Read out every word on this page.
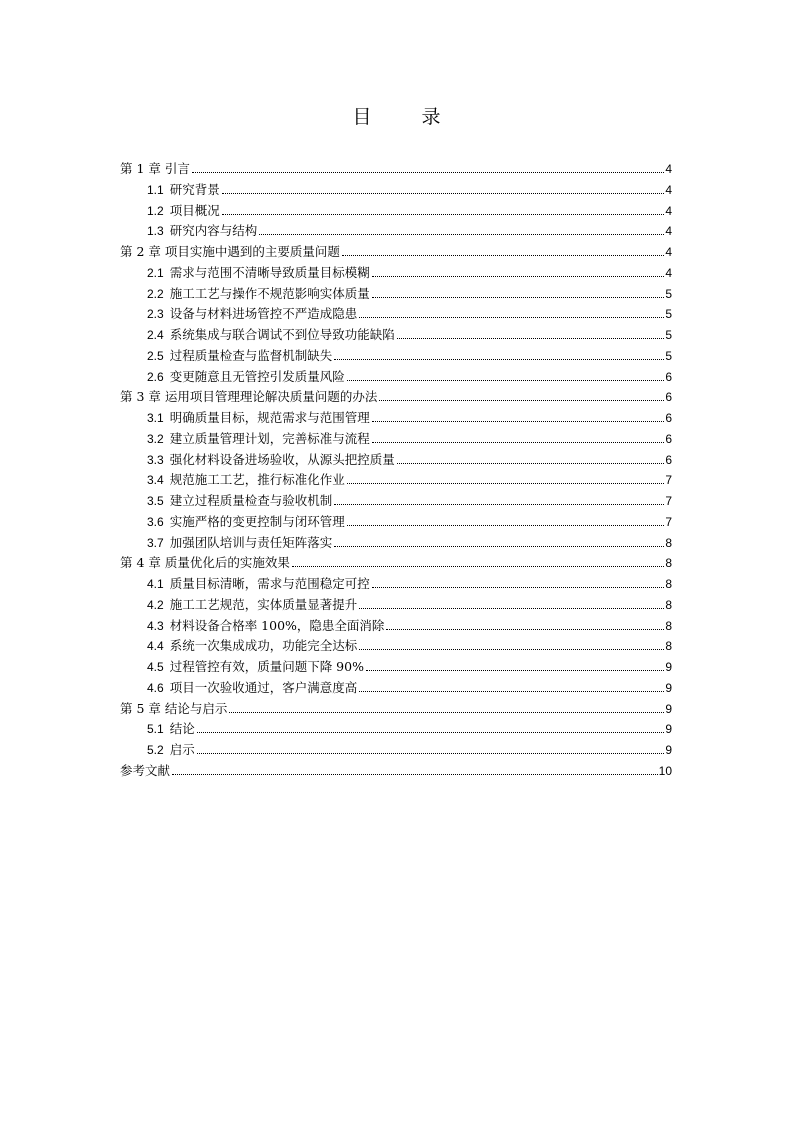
目 录
第 1 章 引言	4
1.1 研究背景	4
1.2 项目概况	4
1.3 研究内容与结构	4
第 2 章 项目实施中遇到的主要质量问题	4
2.1 需求与范围不清晰导致质量目标模糊	4
2.2 施工工艺与操作不规范影响实体质量	5
2.3 设备与材料进场管控不严造成隐患	5
2.4 系统集成与联合调试不到位导致功能缺陷	5
2.5 过程质量检查与监督机制缺失	5
2.6 变更随意且无管控引发质量风险	6
第 3 章 运用项目管理理论解决质量问题的办法	6
3.1 明确质量目标，规范需求与范围管理	6
3.2 建立质量管理计划，完善标准与流程	6
3.3 强化材料设备进场验收，从源头把控质量	6
3.4 规范施工工艺，推行标准化作业	7
3.5 建立过程质量检查与验收机制	7
3.6 实施严格的变更控制与闭环管理	7
3.7 加强团队培训与责任矩阵落实	8
第 4 章 质量优化后的实施效果	8
4.1 质量目标清晰，需求与范围稳定可控	8
4.2 施工工艺规范，实体质量显著提升	8
4.3 材料设备合格率 100%，隐患全面消除	8
4.4 系统一次集成成功，功能完全达标	8
4.5 过程管控有效，质量问题下降 90%	9
4.6 项目一次验收通过，客户满意度高	9
第 5 章 结论与启示	9
5.1 结论	9
5.2 启示	9
参考文献	10
